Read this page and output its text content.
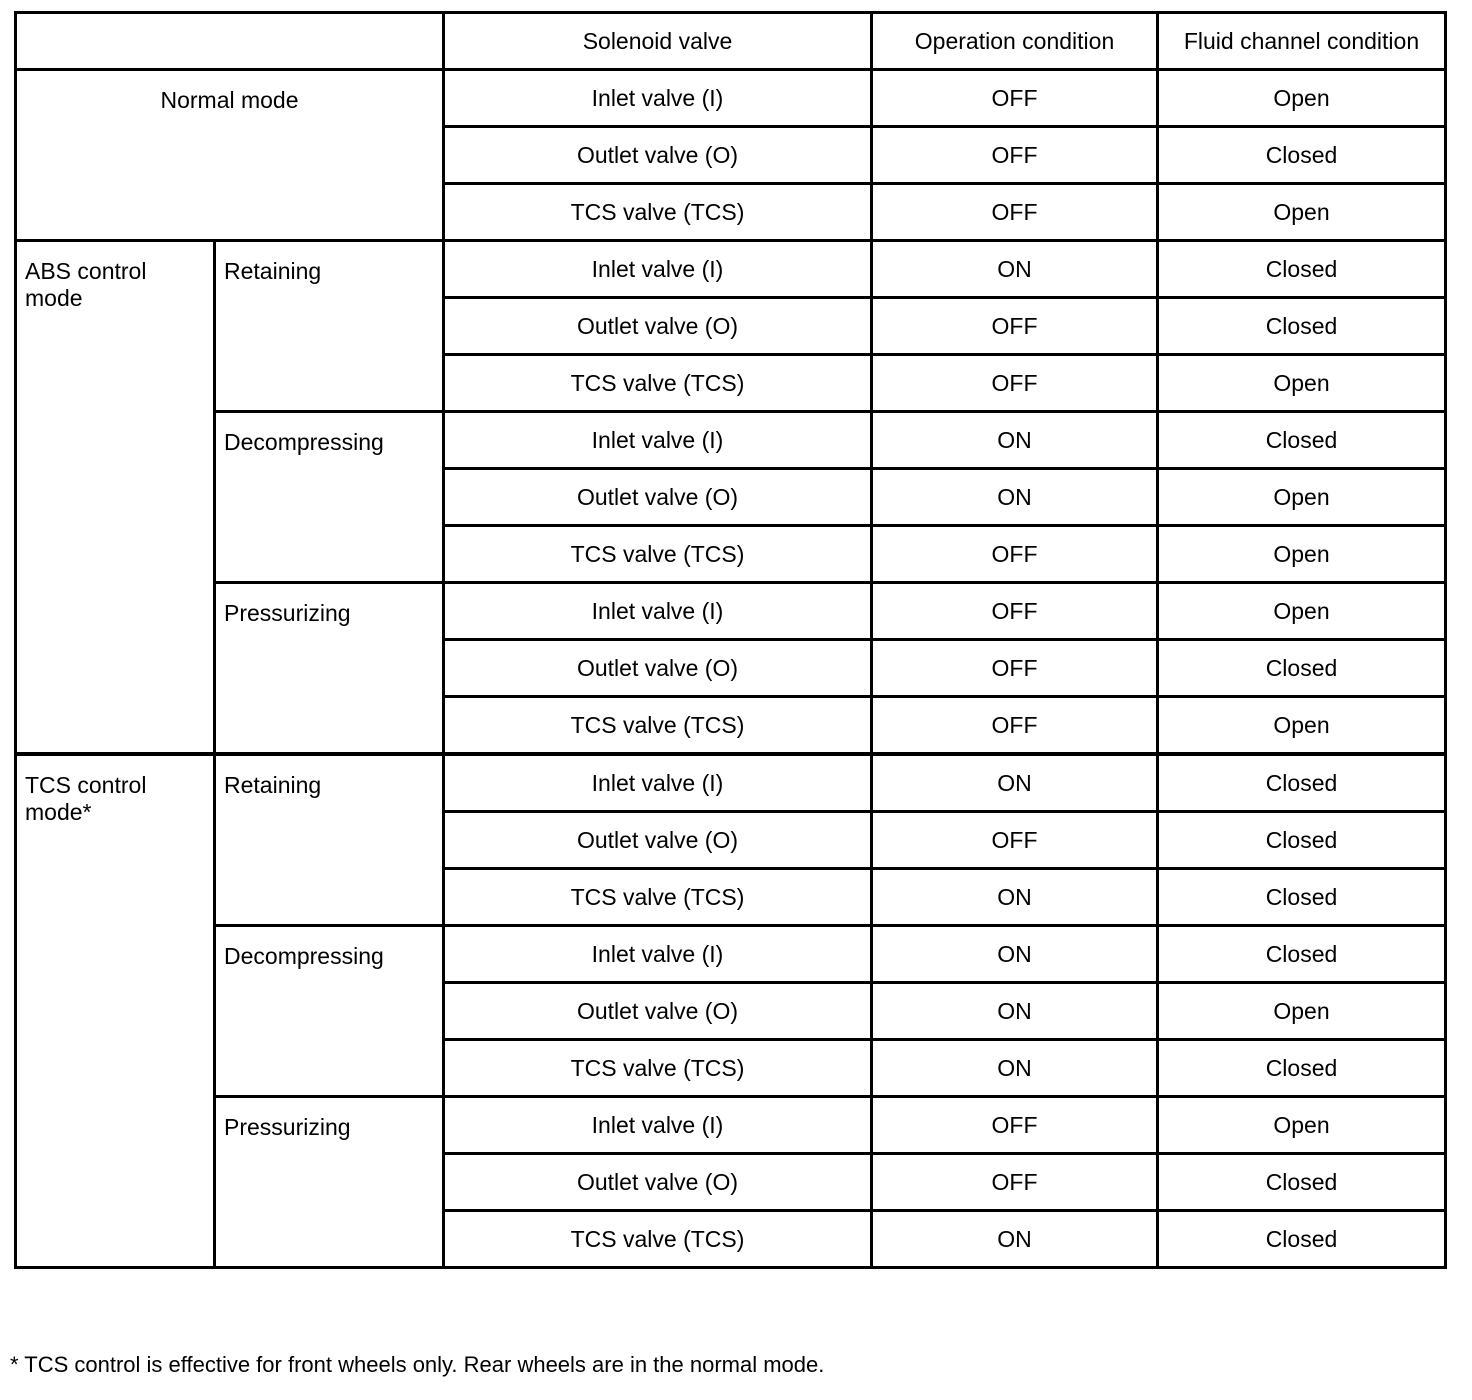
		Solenoid valve	Operation condition	Fluid channel condition
Normal mode		Inlet valve (I)	OFF	Open
		Outlet valve (O)	OFF	Closed
		TCS valve (TCS)	OFF	Open
ABS control mode	Retaining	Inlet valve (I)	ON	Closed
		Outlet valve (O)	OFF	Closed
		TCS valve (TCS)	OFF	Open
	Decompressing	Inlet valve (I)	ON	Closed
		Outlet valve (O)	ON	Open
		TCS valve (TCS)	OFF	Open
	Pressurizing	Inlet valve (I)	OFF	Open
		Outlet valve (O)	OFF	Closed
		TCS valve (TCS)	OFF	Open
TCS control mode*	Retaining	Inlet valve (I)	ON	Closed
		Outlet valve (O)	OFF	Closed
		TCS valve (TCS)	ON	Closed
	Decompressing	Inlet valve (I)	ON	Closed
		Outlet valve (O)	ON	Open
		TCS valve (TCS)	ON	Closed
	Pressurizing	Inlet valve (I)	OFF	Open
		Outlet valve (O)	OFF	Closed
		TCS valve (TCS)	ON	Closed

* TCS control is effective for front wheels only. Rear wheels are in the normal mode.
